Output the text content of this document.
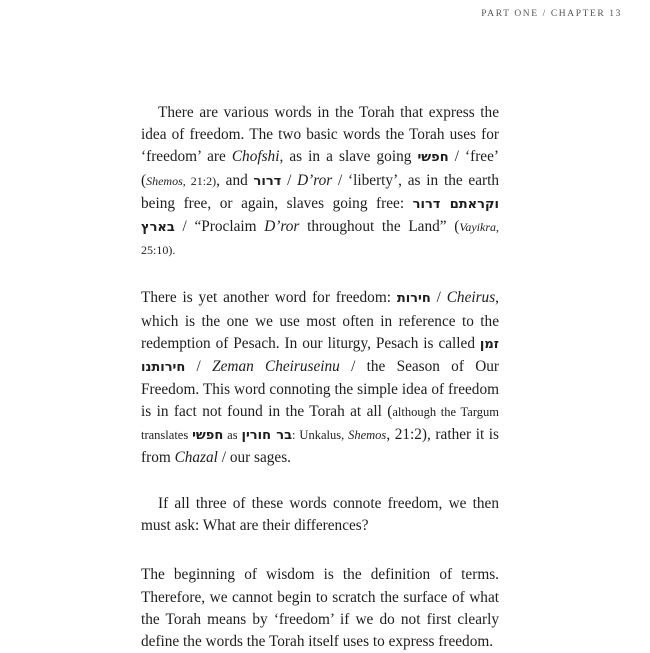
PART ONE / CHAPTER 13

There are various words in the Torah that express the idea of freedom. The two basic words the Torah uses for ‘freedom’ are Chofshi, as in a slave going חפשי / ‘free’ (Shemos, 21:2), and דרור / D’ror / ‘liberty’, as in the earth being free, or again, slaves going free: וקראתם דרור בארץ / “Proclaim D’ror throughout the Land” (Vayikra, 25:10).

There is yet another word for freedom: חירות / Cheirus, which is the one we use most often in reference to the redemption of Pesach. In our liturgy, Pesach is called זמן חירותנו / Zeman Cheiruseinu / the Season of Our Freedom. This word connoting the simple idea of freedom is in fact not found in the Torah at all (although the Targum translates חפשי as בר חורין: Unkalus, Shemos, 21:2), rather it is from Chazal / our sages.

If all three of these words connote freedom, we then must ask: What are their differences?

The beginning of wisdom is the definition of terms. Therefore, we cannot begin to scratch the surface of what the Torah means by ‘freedom’ if we do not first clearly define the words the Torah itself uses to express freedom.
